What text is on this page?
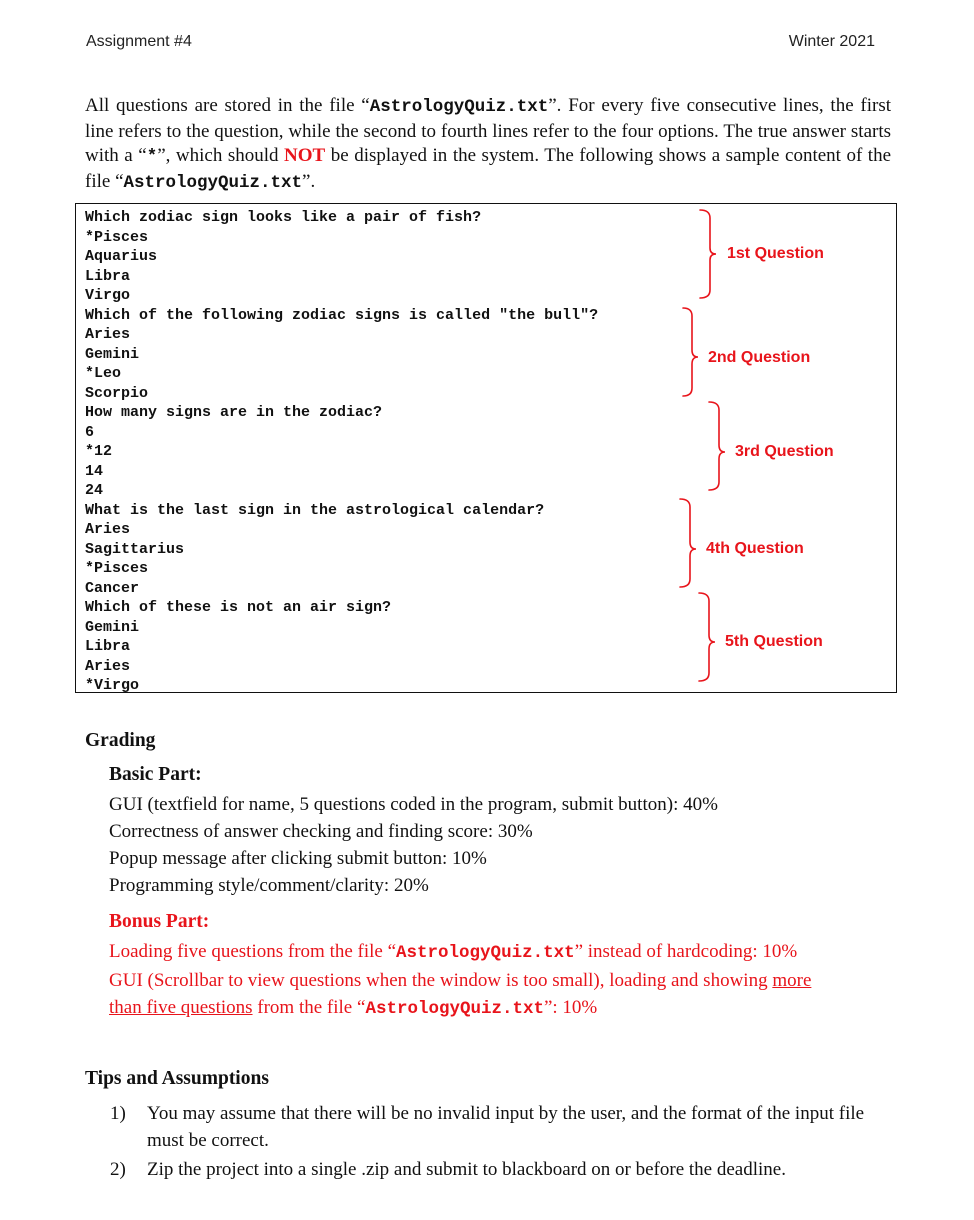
Assignment #4	Winter 2021
All questions are stored in the file “AstrologyQuiz.txt”. For every five consecutive lines, the first line refers to the question, while the second to fourth lines refer to the four options. The true answer starts with a “*”, which should NOT be displayed in the system. The following shows a sample content of the file “AstrologyQuiz.txt”.
Which zodiac sign looks like a pair of fish?
*Pisces
Aquarius
Libra
Virgo
Which of the following zodiac signs is called "the bull"?
Aries
Gemini
*Leo
Scorpio
How many signs are in the zodiac?
6
*12
14
24
What is the last sign in the astrological calendar?
Aries
Sagittarius
*Pisces
Cancer
Which of these is not an air sign?
Gemini
Libra
Aries
*Virgo
1st Question
2nd Question
3rd Question
4th Question
5th Question
Grading
Basic Part:
GUI (textfield for name, 5 questions coded in the program, submit button): 40%
Correctness of answer checking and finding score: 30%
Popup message after clicking submit button: 10%
Programming style/comment/clarity: 20%
Bonus Part:
Loading five questions from the file “AstrologyQuiz.txt” instead of hardcoding: 10%
GUI (Scrollbar to view questions when the window is too small), loading and showing more
than five questions from the file “AstrologyQuiz.txt”: 10%
Tips and Assumptions
1) You may assume that there will be no invalid input by the user, and the format of the input file must be correct.
2) Zip the project into a single .zip and submit to blackboard on or before the deadline.
